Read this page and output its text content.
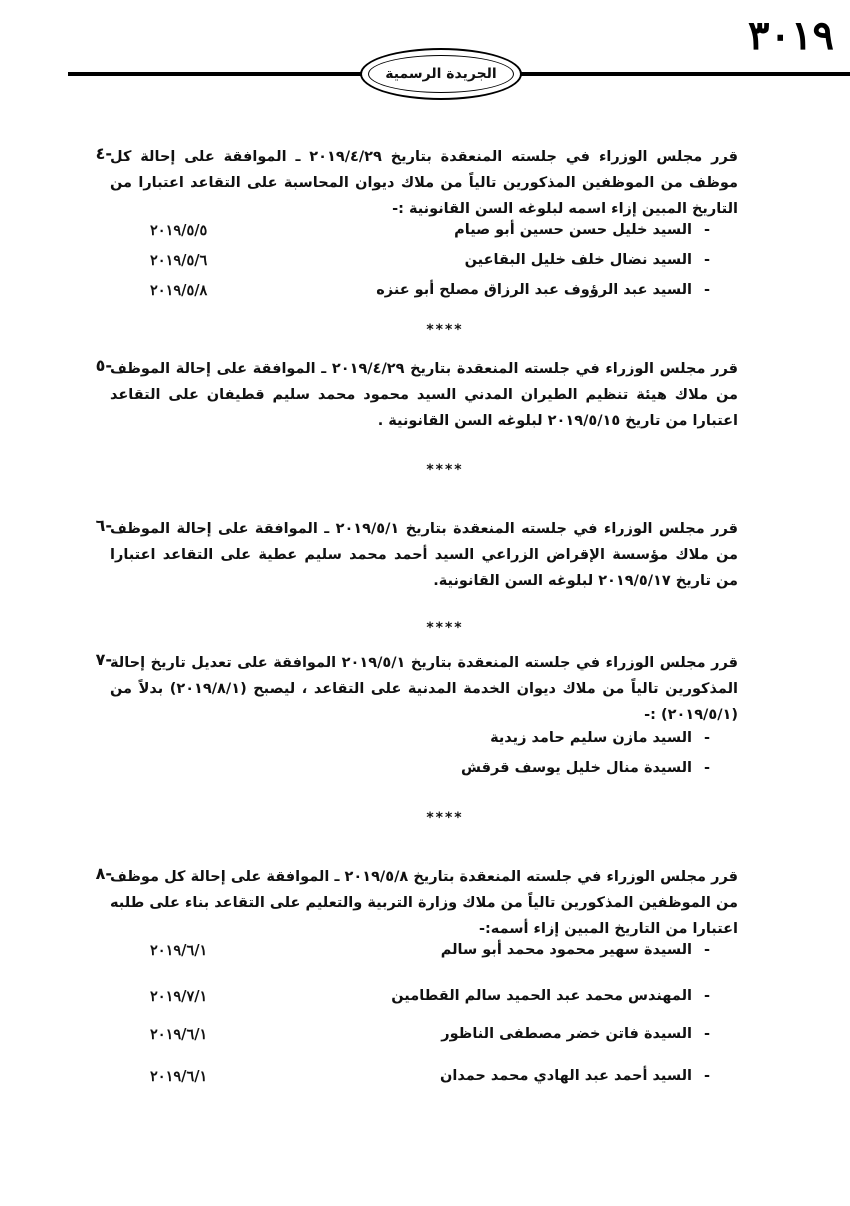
٣٠١٩
الجريدة الرسمية
٤-
قرر مجلس الوزراء في جلسته المنعقدة بتاريخ ٢٠١٩/٤/٢٩ ـ الموافقة على إحالة كل موظف من الموظفين المذكورين تالياً من ملاك ديوان المحاسبة على التقاعد اعتبارا من التاريخ المبين إزاء اسمه لبلوغه السن القانونية :-
-
السيد خليل حسن حسين أبو صيام
٢٠١٩/٥/٥
-
السيد نضال خلف خليل البقاعين
٢٠١٩/٥/٦
-
السيد عبد الرؤوف عبد الرزاق مصلح أبو عنزه
٢٠١٩/٥/٨
****
٥-
قرر مجلس الوزراء في جلسته المنعقدة بتاريخ ٢٠١٩/٤/٢٩ ـ الموافقة على إحالة الموظف من ملاك هيئة تنظيم الطيران المدني السيد محمود محمد سليم قطيفان على التقاعد اعتبارا من تاريخ ٢٠١٩/٥/١٥ لبلوغه السن القانونية .
****
٦-
قرر مجلس الوزراء في جلسته المنعقدة بتاريخ ٢٠١٩/٥/١ ـ الموافقة على إحالة الموظف من ملاك مؤسسة الإقراض الزراعي السيد أحمد محمد سليم عطية على التقاعد اعتبارا من تاريخ ٢٠١٩/٥/١٧ لبلوغه السن القانونية.
****
٧-
قرر مجلس الوزراء في جلسته المنعقدة بتاريخ ٢٠١٩/٥/١ الموافقة على تعديل تاريخ إحالة المذكورين تالياً من ملاك ديوان الخدمة المدنية على التقاعد ، ليصبح (٢٠١٩/٨/١) بدلاً من (٢٠١٩/٥/١) :-
-
السيد مازن سليم حامد زيدية
-
السيدة منال خليل يوسف قرقش
****
٨-
قرر مجلس الوزراء في جلسته المنعقدة بتاريخ ٢٠١٩/٥/٨ ـ الموافقة على إحالة كل موظف من الموظفين المذكورين تالياً من ملاك وزارة التربية والتعليم على التقاعد بناء على طلبه اعتبارا من التاريخ المبين إزاء أسمه:-
-
السيدة سهير محمود محمد أبو سالم
٢٠١٩/٦/١
-
المهندس محمد عبد الحميد سالم القطامين
٢٠١٩/٧/١
-
السيدة فاتن خضر مصطفى الناظور
٢٠١٩/٦/١
-
السيد أحمد عبد الهادي محمد حمدان
٢٠١٩/٦/١
